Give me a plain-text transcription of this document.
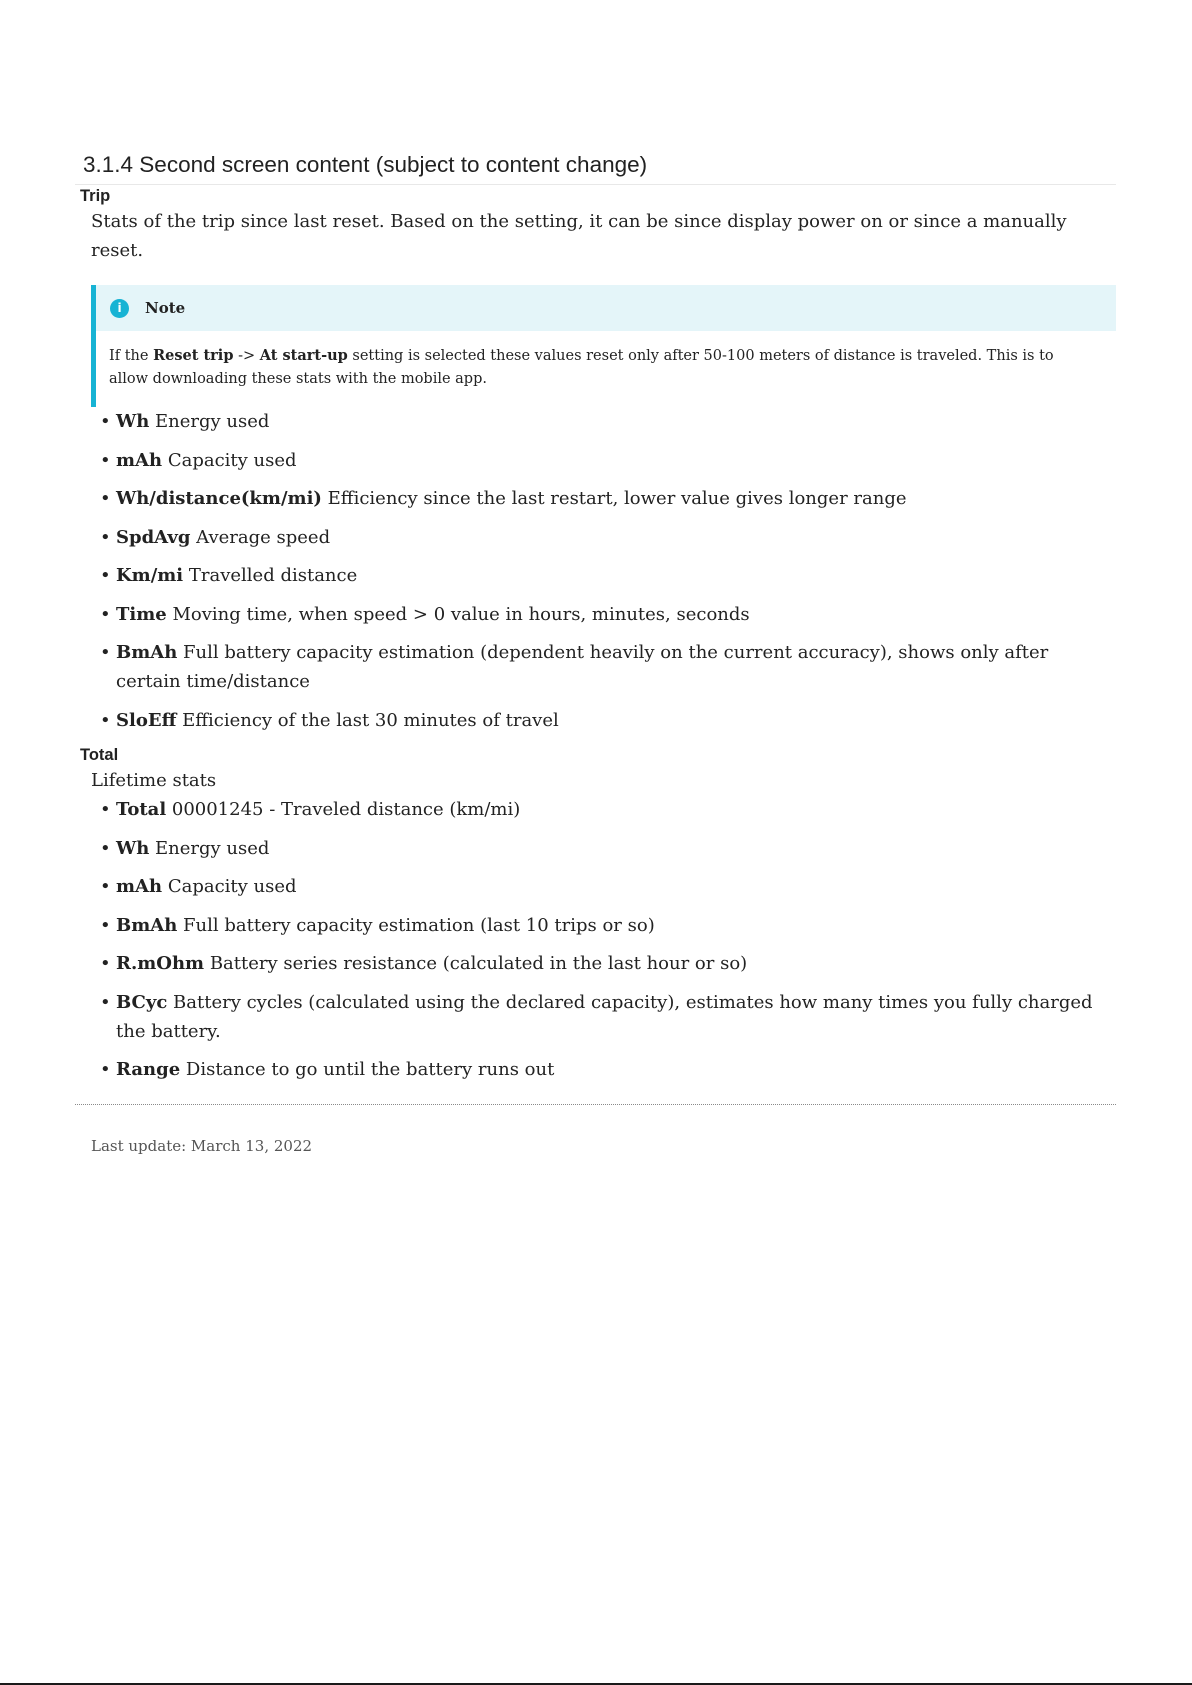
3.1.4 Second screen content (subject to content change)
Trip

Stats of the trip since last reset. Based on the setting, it can be since display power on or since a manually reset.

i	Note

If the Reset trip -> At start-up setting is selected these values reset only after 50-100 meters of distance is traveled. This is to allow downloading these stats with the mobile app.

• Wh Energy used
• mAh Capacity used
• Wh/distance(km/mi) Efficiency since the last restart, lower value gives longer range
• SpdAvg Average speed
• Km/mi Travelled distance
• Time Moving time, when speed > 0 value in hours, minutes, seconds
• BmAh Full battery capacity estimation (dependent heavily on the current accuracy), shows only after certain time/distance
• SloEff Efficiency of the last 30 minutes of travel
Total

Lifetime stats

• Total 00001245 - Traveled distance (km/mi)
• Wh Energy used
• mAh Capacity used
• BmAh Full battery capacity estimation (last 10 trips or so)
• R.mOhm Battery series resistance (calculated in the last hour or so)
• BCyc Battery cycles (calculated using the declared capacity), estimates how many times you fully charged the battery.
• Range Distance to go until the battery runs out
Last update: March 13, 2022
